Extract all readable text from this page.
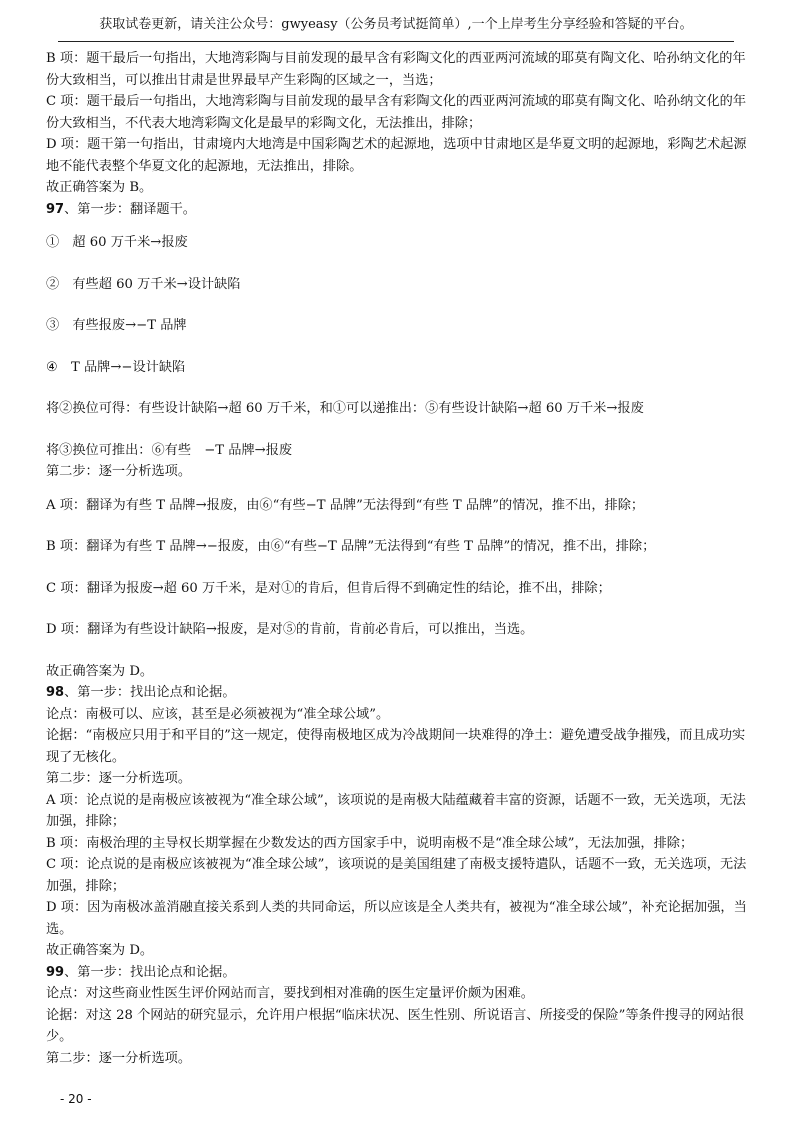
获取试卷更新，请关注公众号：gwyeasy（公务员考试挺简单）,一个上岸考生分享经验和答疑的平台。

B 项：题干最后一句指出，大地湾彩陶与目前发现的最早含有彩陶文化的西亚两河流域的耶莫有陶文化、哈孙纳文化的年份大致相当，可以推出甘肃是世界最早产生彩陶的区域之一，当选；

C 项：题干最后一句指出，大地湾彩陶与目前发现的最早含有彩陶文化的西亚两河流域的耶莫有陶文化、哈孙纳文化的年份大致相当，不代表大地湾彩陶文化是最早的彩陶文化，无法推出，排除；

D 项：题干第一句指出，甘肃境内大地湾是中国彩陶艺术的起源地，选项中甘肃地区是华夏文明的起源地，彩陶艺术起源地不能代表整个华夏文化的起源地，无法推出，排除。

故正确答案为 B。

97、第一步：翻译题干。

①　超 60 万千米→报废

②　有些超 60 万千米→设计缺陷

③　有些报废→−T 品牌

④　T 品牌→−设计缺陷

将②换位可得：有些设计缺陷→超 60 万千米，和①可以递推出：⑤有些设计缺陷→超 60 万千米→报废

将③换位可推出：⑥有些　−T 品牌→报废

第二步：逐一分析选项。

A 项：翻译为有些 T 品牌→报废，由⑥“有些−T 品牌”无法得到“有些 T 品牌”的情况，推不出，排除；

B 项：翻译为有些 T 品牌→−报废，由⑥“有些−T 品牌”无法得到“有些 T 品牌”的情况，推不出，排除；

C 项：翻译为报废→超 60 万千米，是对①的肯后，但肯后得不到确定性的结论，推不出，排除；

D 项：翻译为有些设计缺陷→报废，是对⑤的肯前，肯前必肯后，可以推出，当选。

故正确答案为 D。

98、第一步：找出论点和论据。

论点：南极可以、应该，甚至是必须被视为“准全球公域”。

论据：“南极应只用于和平目的”这一规定，使得南极地区成为冷战期间一块难得的净土：避免遭受战争摧残，而且成功实现了无核化。

第二步：逐一分析选项。

A 项：论点说的是南极应该被视为“准全球公域”，该项说的是南极大陆蕴藏着丰富的资源，话题不一致，无关选项，无法加强，排除；

B 项：南极治理的主导权长期掌握在少数发达的西方国家手中，说明南极不是“准全球公域”，无法加强，排除；

C 项：论点说的是南极应该被视为“准全球公域”，该项说的是美国组建了南极支援特遣队，话题不一致，无关选项，无法加强，排除；

D 项：因为南极冰盖消融直接关系到人类的共同命运，所以应该是全人类共有，被视为“准全球公域”，补充论据加强，当选。

故正确答案为 D。

99、第一步：找出论点和论据。

论点：对这些商业性医生评价网站而言，要找到相对准确的医生定量评价颇为困难。

论据：对这 28 个网站的研究显示，允许用户根据“临床状况、医生性别、所说语言、所接受的保险”等条件搜寻的网站很少。

第二步：逐一分析选项。

- 20 -
